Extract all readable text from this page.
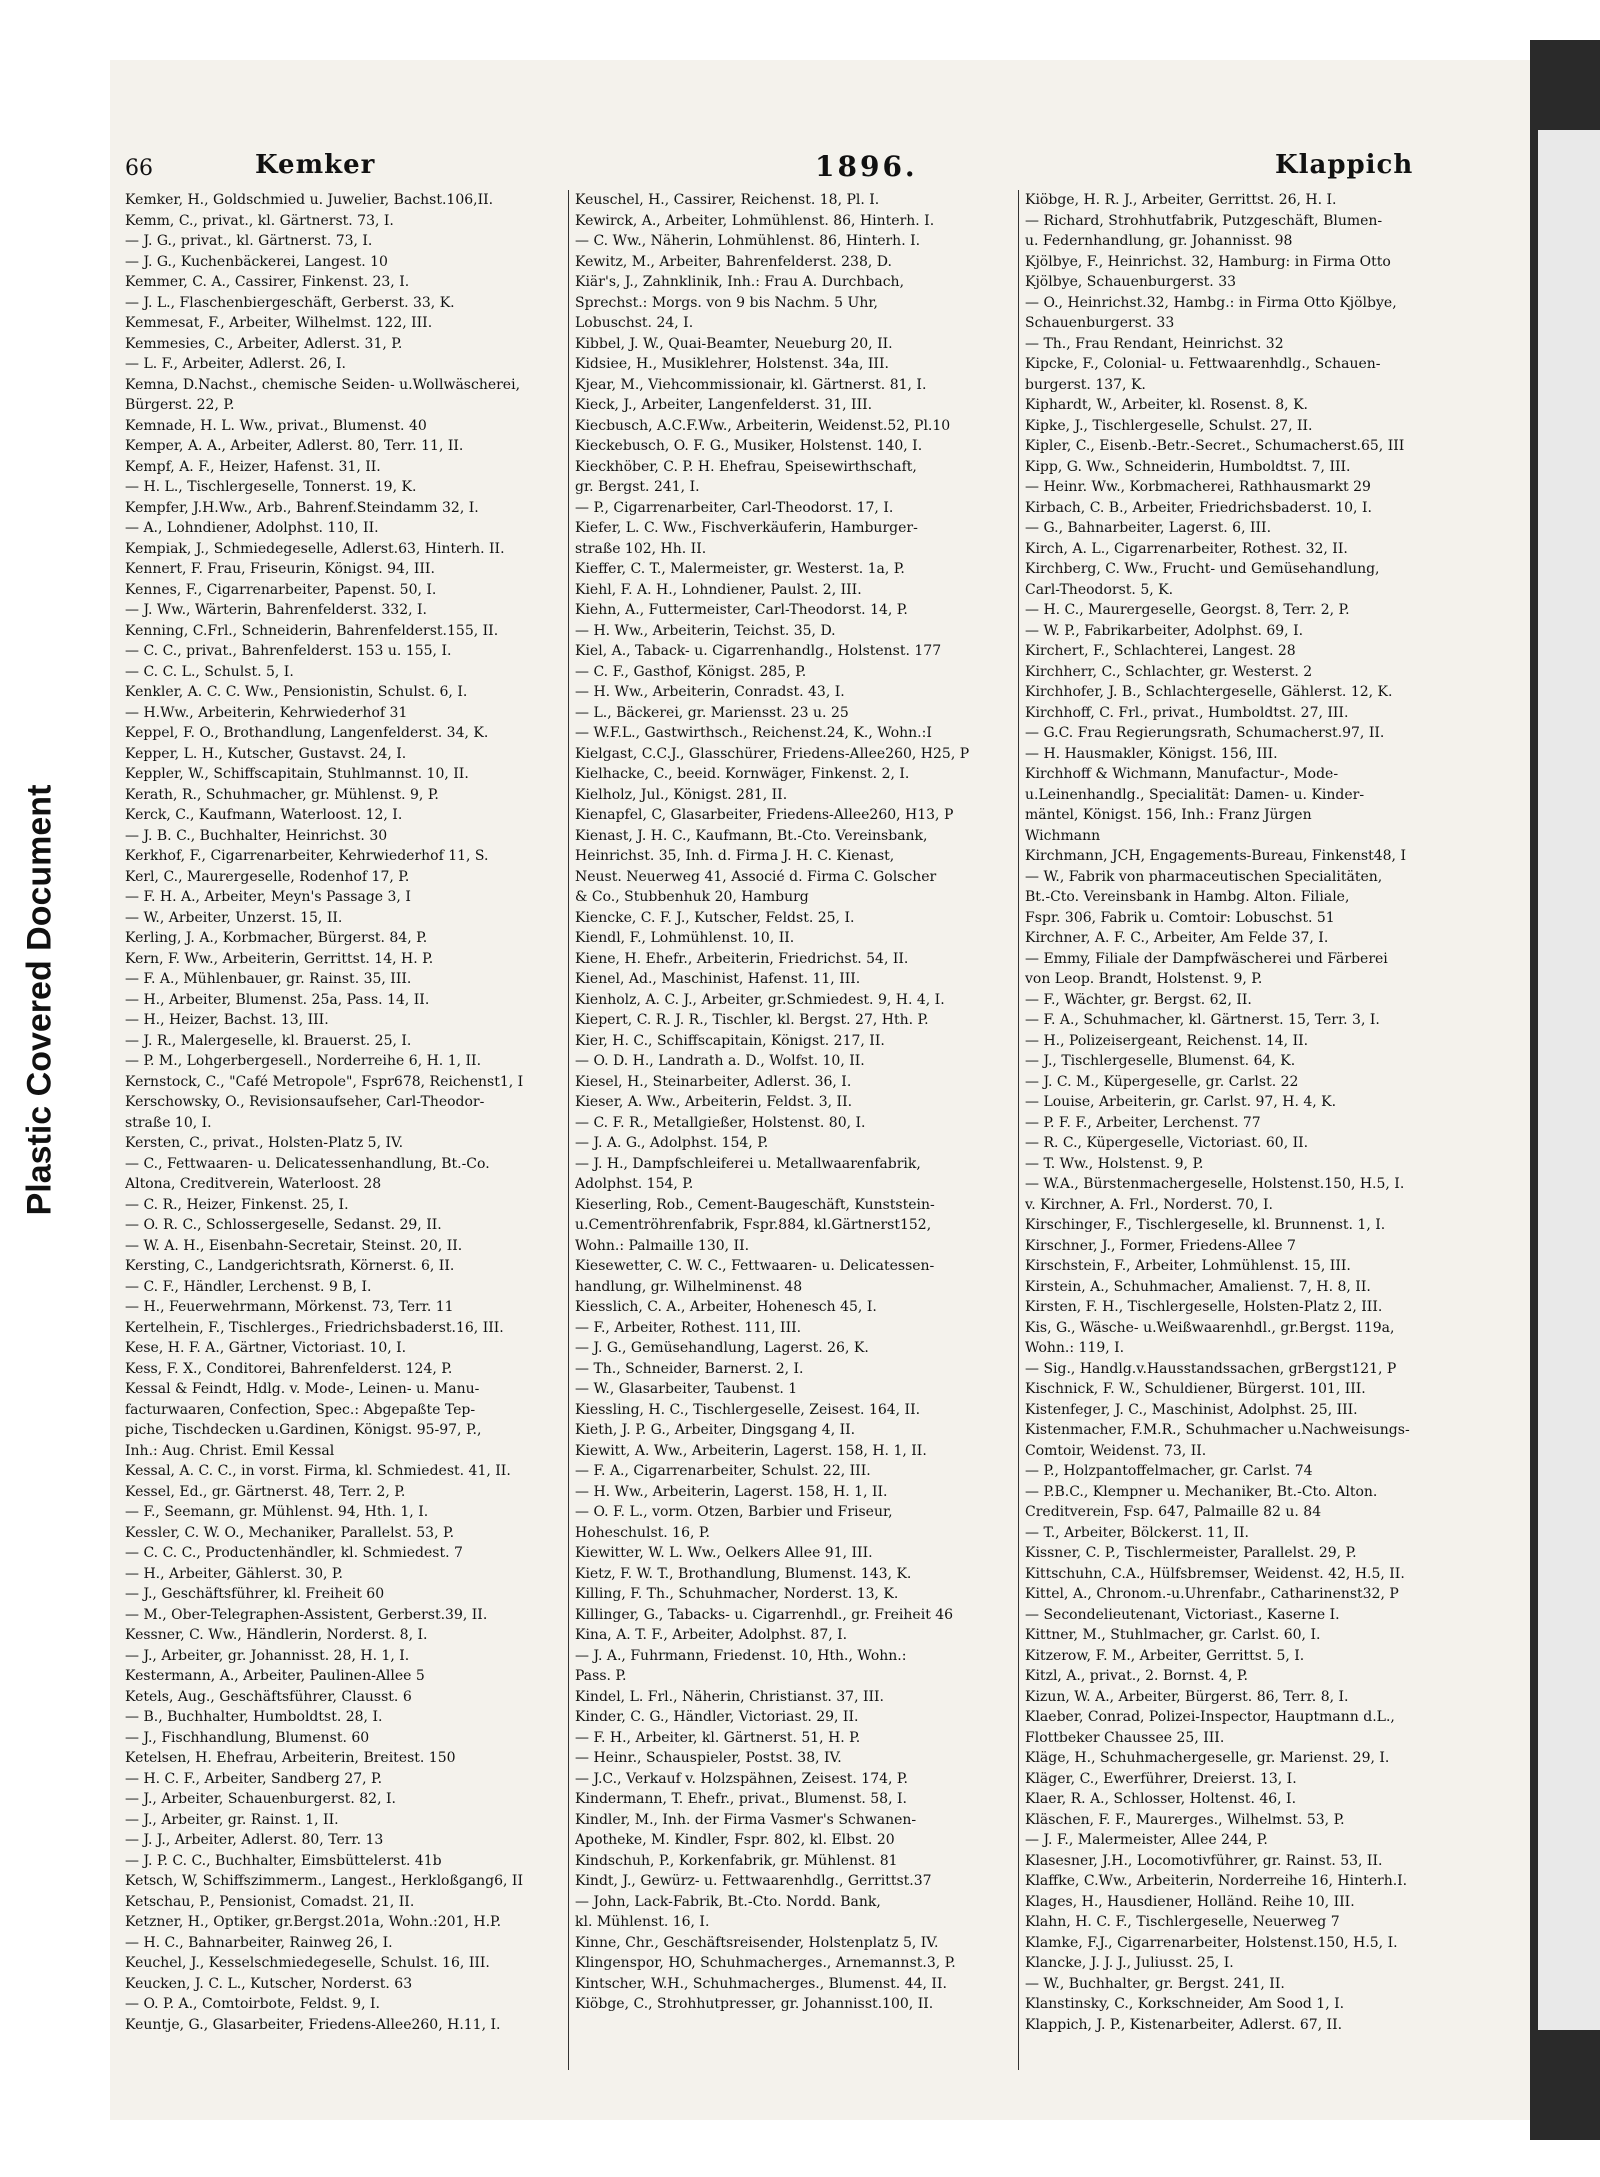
Plastic Covered Document
66	Kemker	1896.	Klappich
Kemker, H., Goldschmied u. Juwelier, Bachst.106,II.
Kemm, C., privat., kl. Gärtnerst. 73, I.
— J. G., privat., kl. Gärtnerst. 73, I.
— J. G., Kuchenbäckerei, Langest. 10
Kemmer, C. A., Cassirer, Finkenst. 23, I.
— J. L., Flaschenbiergeschäft, Gerberst. 33, K.
Kemmesat, F., Arbeiter, Wilhelmst. 122, III.
Kemmesies, C., Arbeiter, Adlerst. 31, P.
— L. F., Arbeiter, Adlerst. 26, I.
Kemna, D.Nachst., chemische Seiden- u.Wollwäscherei,
Bürgerst. 22, P.
Kemnade, H. L. Ww., privat., Blumenst. 40
Kemper, A. A., Arbeiter, Adlerst. 80, Terr. 11, II.
Kempf, A. F., Heizer, Hafenst. 31, II.
— H. L., Tischlergeselle, Tonnerst. 19, K.
Kempfer, J.H.Ww., Arb., Bahrenf.Steindamm 32, I.
— A., Lohndiener, Adolphst. 110, II.
Kempiak, J., Schmiedegeselle, Adlerst.63, Hinterh. II.
Kennert, F. Frau, Friseurin, Königst. 94, III.
Kennes, F., Cigarrenarbeiter, Papenst. 50, I.
— J. Ww., Wärterin, Bahrenfelderst. 332, I.
Kenning, C.Frl., Schneiderin, Bahrenfelderst.155, II.
— C. C., privat., Bahrenfelderst. 153 u. 155, I.
— C. C. L., Schulst. 5, I.
Kenkler, A. C. C. Ww., Pensionistin, Schulst. 6, I.
— H.Ww., Arbeiterin, Kehrwiederhof 31
Keppel, F. O., Brothandlung, Langenfelderst. 34, K.
Kepper, L. H., Kutscher, Gustavst. 24, I.
Keppler, W., Schiffscapitain, Stuhlmannst. 10, II.
Kerath, R., Schuhmacher, gr. Mühlenst. 9, P.
Kerck, C., Kaufmann, Waterloost. 12, I.
— J. B. C., Buchhalter, Heinrichst. 30
Kerkhof, F., Cigarrenarbeiter, Kehrwiederhof 11, S.
Kerl, C., Maurergeselle, Rodenhof 17, P.
— F. H. A., Arbeiter, Meyn's Passage 3, I
— W., Arbeiter, Unzerst. 15, II.
Kerling, J. A., Korbmacher, Bürgerst. 84, P.
Kern, F. Ww., Arbeiterin, Gerrittst. 14, H. P.
— F. A., Mühlenbauer, gr. Rainst. 35, III.
— H., Arbeiter, Blumenst. 25a, Pass. 14, II.
— H., Heizer, Bachst. 13, III.
— J. R., Malergeselle, kl. Brauerst. 25, I.
— P. M., Lohgerbergesell., Norderreihe 6, H. 1, II.
Kernstock, C., "Café Metropole", Fspr678, Reichenst1, I
Kerschowsky, O., Revisionsaufseher, Carl-Theodor-
straße 10, I.
Kersten, C., privat., Holsten-Platz 5, IV.
— C., Fettwaaren- u. Delicatessenhandlung, Bt.-Co.
Altona, Creditverein, Waterloost. 28
— C. R., Heizer, Finkenst. 25, I.
— O. R. C., Schlossergeselle, Sedanst. 29, II.
— W. A. H., Eisenbahn-Secretair, Steinst. 20, II.
Kersting, C., Landgerichtsrath, Körnerst. 6, II.
— C. F., Händler, Lerchenst. 9 B, I.
— H., Feuerwehrmann, Mörkenst. 73, Terr. 11
Kertelhein, F., Tischlerges., Friedrichsbaderst.16, III.
Kese, H. F. A., Gärtner, Victoriast. 10, I.
Kess, F. X., Conditorei, Bahrenfelderst. 124, P.
Kessal & Feindt, Hdlg. v. Mode-, Leinen- u. Manu-
facturwaaren, Confection, Spec.: Abgepaßte Tep-
piche, Tischdecken u.Gardinen, Königst. 95-97, P.,
Inh.: Aug. Christ. Emil Kessal
Kessal, A. C. C., in vorst. Firma, kl. Schmiedest. 41, II.
Kessel, Ed., gr. Gärtnerst. 48, Terr. 2, P.
— F., Seemann, gr. Mühlenst. 94, Hth. 1, I.
Kessler, C. W. O., Mechaniker, Parallelst. 53, P.
— C. C. C., Productenhändler, kl. Schmiedest. 7
— H., Arbeiter, Gählerst. 30, P.
— J., Geschäftsführer, kl. Freiheit 60
— M., Ober-Telegraphen-Assistent, Gerberst.39, II.
Kessner, C. Ww., Händlerin, Norderst. 8, I.
— J., Arbeiter, gr. Johannisst. 28, H. 1, I.
Kestermann, A., Arbeiter, Paulinen-Allee 5
Ketels, Aug., Geschäftsführer, Clausst. 6
— B., Buchhalter, Humboldtst. 28, I.
— J., Fischhandlung, Blumenst. 60
Ketelsen, H. Ehefrau, Arbeiterin, Breitest. 150
— H. C. F., Arbeiter, Sandberg 27, P.
— J., Arbeiter, Schauenburgerst. 82, I.
— J., Arbeiter, gr. Rainst. 1, II.
— J. J., Arbeiter, Adlerst. 80, Terr. 13
— J. P. C. C., Buchhalter, Eimsbüttelerst. 41b
Ketsch, W, Schiffszimmerm., Langest., Herkloßgang6, II
Ketschau, P., Pensionist, Comadst. 21, II.
Ketzner, H., Optiker, gr.Bergst.201a, Wohn.:201, H.P.
— H. C., Bahnarbeiter, Rainweg 26, I.
Keuchel, J., Kesselschmiedegeselle, Schulst. 16, III.
Keucken, J. C. L., Kutscher, Norderst. 63
— O. P. A., Comtoirbote, Feldst. 9, I.
Keuntje, G., Glasarbeiter, Friedens-Allee260, H.11, I.
Keuschel, H., Cassirer, Reichenst. 18, Pl. I.
Kewirck, A., Arbeiter, Lohmühlenst. 86, Hinterh. I.
— C. Ww., Näherin, Lohmühlenst. 86, Hinterh. I.
Kewitz, M., Arbeiter, Bahrenfelderst. 238, D.
Kiär's, J., Zahnklinik, Inh.: Frau A. Durchbach,
Sprechst.: Morgs. von 9 bis Nachm. 5 Uhr,
Lobuschst. 24, I.
Kibbel, J. W., Quai-Beamter, Neueburg 20, II.
Kidsiee, H., Musiklehrer, Holstenst. 34a, III.
Kjear, M., Viehcommissionair, kl. Gärtnerst. 81, I.
Kieck, J., Arbeiter, Langenfelderst. 31, III.
Kiecbusch, A.C.F.Ww., Arbeiterin, Weidenst.52, Pl.10
Kieckebusch, O. F. G., Musiker, Holstenst. 140, I.
Kieckhöber, C. P. H. Ehefrau, Speisewirthschaft,
gr. Bergst. 241, I.
— P., Cigarrenarbeiter, Carl-Theodorst. 17, I.
Kiefer, L. C. Ww., Fischverkäuferin, Hamburger-
straße 102, Hh. II.
Kieffer, C. T., Malermeister, gr. Westerst. 1a, P.
Kiehl, F. A. H., Lohndiener, Paulst. 2, III.
Kiehn, A., Futtermeister, Carl-Theodorst. 14, P.
— H. Ww., Arbeiterin, Teichst. 35, D.
Kiel, A., Taback- u. Cigarrenhandlg., Holstenst. 177
— C. F., Gasthof, Königst. 285, P.
— H. Ww., Arbeiterin, Conradst. 43, I.
— L., Bäckerei, gr. Mariensst. 23 u. 25
— W.F.L., Gastwirthsch., Reichenst.24, K., Wohn.:I
Kielgast, C.C.J., Glasschürer, Friedens-Allee260, H25, P
Kielhacke, C., beeid. Kornwäger, Finkenst. 2, I.
Kielholz, Jul., Königst. 281, II.
Kienapfel, C, Glasarbeiter, Friedens-Allee260, H13, P
Kienast, J. H. C., Kaufmann, Bt.-Cto. Vereinsbank,
Heinrichst. 35, Inh. d. Firma J. H. C. Kienast,
Neust. Neuerweg 41, Associé d. Firma C. Golscher
& Co., Stubbenhuk 20, Hamburg
Kiencke, C. F. J., Kutscher, Feldst. 25, I.
Kiendl, F., Lohmühlenst. 10, II.
Kiene, H. Ehefr., Arbeiterin, Friedrichst. 54, II.
Kienel, Ad., Maschinist, Hafenst. 11, III.
Kienholz, A. C. J., Arbeiter, gr.Schmiedest. 9, H. 4, I.
Kiepert, C. R. J. R., Tischler, kl. Bergst. 27, Hth. P.
Kier, H. C., Schiffscapitain, Königst. 217, II.
— O. D. H., Landrath a. D., Wolfst. 10, II.
Kiesel, H., Steinarbeiter, Adlerst. 36, I.
Kieser, A. Ww., Arbeiterin, Feldst. 3, II.
— C. F. R., Metallgießer, Holstenst. 80, I.
— J. A. G., Adolphst. 154, P.
— J. H., Dampfschleiferei u. Metallwaarenfabrik,
Adolphst. 154, P.
Kieserling, Rob., Cement-Baugeschäft, Kunststein-
u.Cementröhrenfabrik, Fspr.884, kl.Gärtnerst152,
Wohn.: Palmaille 130, II.
Kiesewetter, C. W. C., Fettwaaren- u. Delicatessen-
handlung, gr. Wilhelminenst. 48
Kiesslich, C. A., Arbeiter, Hohenesch 45, I.
— F., Arbeiter, Rothest. 111, III.
— J. G., Gemüsehandlung, Lagerst. 26, K.
— Th., Schneider, Barnerst. 2, I.
— W., Glasarbeiter, Taubenst. 1
Kiessling, H. C., Tischlergeselle, Zeisest. 164, II.
Kieth, J. P. G., Arbeiter, Dingsgang 4, II.
Kiewitt, A. Ww., Arbeiterin, Lagerst. 158, H. 1, II.
— F. A., Cigarrenarbeiter, Schulst. 22, III.
— H. Ww., Arbeiterin, Lagerst. 158, H. 1, II.
— O. F. L., vorm. Otzen, Barbier und Friseur,
Hoheschulst. 16, P.
Kiewitter, W. L. Ww., Oelkers Allee 91, III.
Kietz, F. W. T., Brothandlung, Blumenst. 143, K.
Killing, F. Th., Schuhmacher, Norderst. 13, K.
Killinger, G., Tabacks- u. Cigarrenhdl., gr. Freiheit 46
Kina, A. T. F., Arbeiter, Adolphst. 87, I.
— J. A., Fuhrmann, Friedenst. 10, Hth., Wohn.:
Pass. P.
Kindel, L. Frl., Näherin, Christianst. 37, III.
Kinder, C. G., Händler, Victoriast. 29, II.
— F. H., Arbeiter, kl. Gärtnerst. 51, H. P.
— Heinr., Schauspieler, Postst. 38, IV.
— J.C., Verkauf v. Holzspähnen, Zeisest. 174, P.
Kindermann, T. Ehefr., privat., Blumenst. 58, I.
Kindler, M., Inh. der Firma Vasmer's Schwanen-
Apotheke, M. Kindler, Fspr. 802, kl. Elbst. 20
Kindschuh, P., Korkenfabrik, gr. Mühlenst. 81
Kindt, J., Gewürz- u. Fettwaarenhdlg., Gerrittst.37
— John, Lack-Fabrik, Bt.-Cto. Nordd. Bank,
kl. Mühlenst. 16, I.
Kinne, Chr., Geschäftsreisender, Holstenplatz 5, IV.
Klingenspor, HO, Schuhmacherges., Arnemannst.3, P.
Kintscher, W.H., Schuhmacherges., Blumenst. 44, II.
Kiöbge, C., Strohhutpresser, gr. Johannisst.100, II.
Kiöbge, H. R. J., Arbeiter, Gerrittst. 26, H. I.
— Richard, Strohhutfabrik, Putzgeschäft, Blumen-
u. Federnhandlung, gr. Johannisst. 98
Kjölbye, F., Heinrichst. 32, Hamburg: in Firma Otto
Kjölbye, Schauenburgerst. 33
— O., Heinrichst.32, Hambg.: in Firma Otto Kjölbye,
Schauenburgerst. 33
— Th., Frau Rendant, Heinrichst. 32
Kipcke, F., Colonial- u. Fettwaarenhdlg., Schauen-
burgerst. 137, K.
Kiphardt, W., Arbeiter, kl. Rosenst. 8, K.
Kipke, J., Tischlergeselle, Schulst. 27, II.
Kipler, C., Eisenb.-Betr.-Secret., Schumacherst.65, III
Kipp, G. Ww., Schneiderin, Humboldtst. 7, III.
— Heinr. Ww., Korbmacherei, Rathhausmarkt 29
Kirbach, C. B., Arbeiter, Friedrichsbaderst. 10, I.
— G., Bahnarbeiter, Lagerst. 6, III.
Kirch, A. L., Cigarrenarbeiter, Rothest. 32, II.
Kirchberg, C. Ww., Frucht- und Gemüsehandlung,
Carl-Theodorst. 5, K.
— H. C., Maurergeselle, Georgst. 8, Terr. 2, P.
— W. P., Fabrikarbeiter, Adolphst. 69, I.
Kirchert, F., Schlachterei, Langest. 28
Kirchherr, C., Schlachter, gr. Westerst. 2
Kirchhofer, J. B., Schlachtergeselle, Gählerst. 12, K.
Kirchhoff, C. Frl., privat., Humboldtst. 27, III.
— G.C. Frau Regierungsrath, Schumacherst.97, II.
— H. Hausmakler, Königst. 156, III.
Kirchhoff & Wichmann, Manufactur-, Mode-
u.Leinenhandlg., Specialität: Damen- u. Kinder-
mäntel, Königst. 156, Inh.: Franz Jürgen
Wichmann
Kirchmann, JCH, Engagements-Bureau, Finkenst48, I
— W., Fabrik von pharmaceutischen Specialitäten,
Bt.-Cto. Vereinsbank in Hambg. Alton. Filiale,
Fspr. 306, Fabrik u. Comtoir: Lobuschst. 51
Kirchner, A. F. C., Arbeiter, Am Felde 37, I.
— Emmy, Filiale der Dampfwäscherei und Färberei
von Leop. Brandt, Holstenst. 9, P.
— F., Wächter, gr. Bergst. 62, II.
— F. A., Schuhmacher, kl. Gärtnerst. 15, Terr. 3, I.
— H., Polizeisergeant, Reichenst. 14, II.
— J., Tischlergeselle, Blumenst. 64, K.
— J. C. M., Küpergeselle, gr. Carlst. 22
— Louise, Arbeiterin, gr. Carlst. 97, H. 4, K.
— P. F. F., Arbeiter, Lerchenst. 77
— R. C., Küpergeselle, Victoriast. 60, II.
— T. Ww., Holstenst. 9, P.
— W.A., Bürstenmachergeselle, Holstenst.150, H.5, I.
v. Kirchner, A. Frl., Norderst. 70, I.
Kirschinger, F., Tischlergeselle, kl. Brunnenst. 1, I.
Kirschner, J., Former, Friedens-Allee 7
Kirschstein, F., Arbeiter, Lohmühlenst. 15, III.
Kirstein, A., Schuhmacher, Amalienst. 7, H. 8, II.
Kirsten, F. H., Tischlergeselle, Holsten-Platz 2, III.
Kis, G., Wäsche- u.Weißwaarenhdl., gr.Bergst. 119a,
Wohn.: 119, I.
— Sig., Handlg.v.Hausstandssachen, grBergst121, P
Kischnick, F. W., Schuldiener, Bürgerst. 101, III.
Kistenfeger, J. C., Maschinist, Adolphst. 25, III.
Kistenmacher, F.M.R., Schuhmacher u.Nachweisungs-
Comtoir, Weidenst. 73, II.
— P., Holzpantoffelmacher, gr. Carlst. 74
— P.B.C., Klempner u. Mechaniker, Bt.-Cto. Alton.
Creditverein, Fsp. 647, Palmaille 82 u. 84
— T., Arbeiter, Bölckerst. 11, II.
Kissner, C. P., Tischlermeister, Parallelst. 29, P.
Kittschuhn, C.A., Hülfsbremser, Weidenst. 42, H.5, II.
Kittel, A., Chronom.-u.Uhrenfabr., Catharinenst32, P
— Secondelieutenant, Victoriast., Kaserne I.
Kittner, M., Stuhlmacher, gr. Carlst. 60, I.
Kitzerow, F. M., Arbeiter, Gerrittst. 5, I.
Kitzl, A., privat., 2. Bornst. 4, P.
Kizun, W. A., Arbeiter, Bürgerst. 86, Terr. 8, I.
Klaeber, Conrad, Polizei-Inspector, Hauptmann d.L.,
Flottbeker Chaussee 25, III.
Kläge, H., Schuhmachergeselle, gr. Marienst. 29, I.
Kläger, C., Ewerführer, Dreierst. 13, I.
Klaer, R. A., Schlosser, Holtenst. 46, I.
Kläschen, F. F., Maurerges., Wilhelmst. 53, P.
— J. F., Malermeister, Allee 244, P.
Klasesner, J.H., Locomotivführer, gr. Rainst. 53, II.
Klaffke, C.Ww., Arbeiterin, Norderreihe 16, Hinterh.I.
Klages, H., Hausdiener, Holländ. Reihe 10, III.
Klahn, H. C. F., Tischlergeselle, Neuerweg 7
Klamke, F.J., Cigarrenarbeiter, Holstenst.150, H.5, I.
Klancke, J. J. J., Juliusst. 25, I.
— W., Buchhalter, gr. Bergst. 241, II.
Klanstinsky, C., Korkschneider, Am Sood 1, I.
Klappich, J. P., Kistenarbeiter, Adlerst. 67, II.
